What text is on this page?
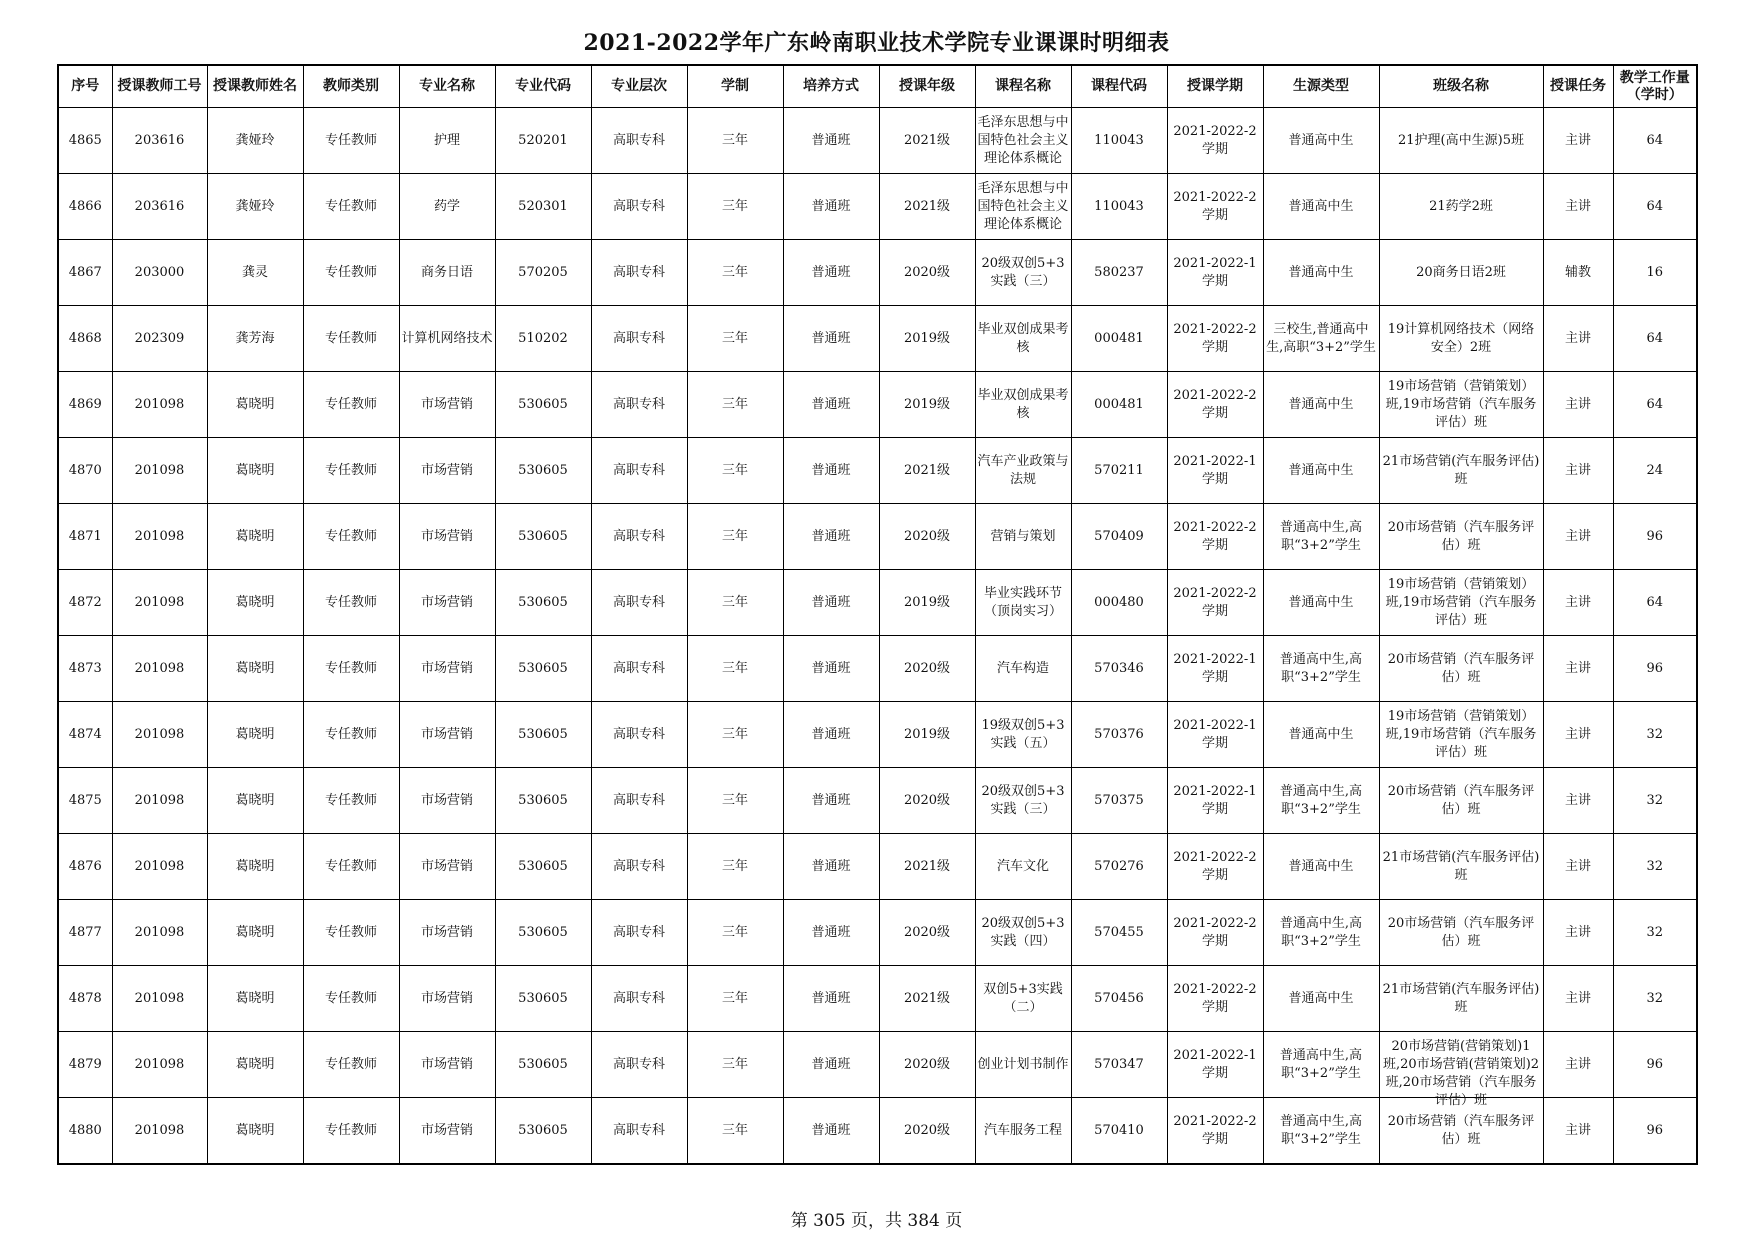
2021-2022学年广东岭南职业技术学院专业课课时明细表
序号	授课教师工号	授课教师姓名	教师类别	专业名称	专业代码	专业层次	学制	培养方式	授课年级	课程名称	课程代码	授课学期	生源类型	班级名称	授课任务	教学工作量（学时）

4865	203616	龚娅玲	专任教师	护理	520201	高职专科	三年	普通班	2021级	毛泽东思想与中国特色社会主义理论体系概论	110043	2021-2022-2学期	普通高中生	21护理(高中生源)5班	主讲	64

4866	203616	龚娅玲	专任教师	药学	520301	高职专科	三年	普通班	2021级	毛泽东思想与中国特色社会主义理论体系概论	110043	2021-2022-2学期	普通高中生	21药学2班	主讲	64

4867	203000	龚灵	专任教师	商务日语	570205	高职专科	三年	普通班	2020级	20级双创5+3实践（三）	580237	2021-2022-1学期	普通高中生	20商务日语2班	辅教	16

4868	202309	龚芳海	专任教师	计算机网络技术	510202	高职专科	三年	普通班	2019级	毕业双创成果考核	000481	2021-2022-2学期	三校生,普通高中生,高职“3+2”学生	19计算机网络技术（网络安全）2班	主讲	64

4869	201098	葛晓明	专任教师	市场营销	530605	高职专科	三年	普通班	2019级	毕业双创成果考核	000481	2021-2022-2学期	普通高中生	19市场营销（营销策划）班,19市场营销（汽车服务评估）班	主讲	64

4870	201098	葛晓明	专任教师	市场营销	530605	高职专科	三年	普通班	2021级	汽车产业政策与法规	570211	2021-2022-1学期	普通高中生	21市场营销(汽车服务评估)班	主讲	24

4871	201098	葛晓明	专任教师	市场营销	530605	高职专科	三年	普通班	2020级	营销与策划	570409	2021-2022-2学期	普通高中生,高职“3+2”学生	20市场营销（汽车服务评估）班	主讲	96

4872	201098	葛晓明	专任教师	市场营销	530605	高职专科	三年	普通班	2019级	毕业实践环节（顶岗实习）	000480	2021-2022-2学期	普通高中生	19市场营销（营销策划）班,19市场营销（汽车服务评估）班	主讲	64

4873	201098	葛晓明	专任教师	市场营销	530605	高职专科	三年	普通班	2020级	汽车构造	570346	2021-2022-1学期	普通高中生,高职“3+2”学生	20市场营销（汽车服务评估）班	主讲	96

4874	201098	葛晓明	专任教师	市场营销	530605	高职专科	三年	普通班	2019级	19级双创5+3实践（五）	570376	2021-2022-1学期	普通高中生	19市场营销（营销策划）班,19市场营销（汽车服务评估）班	主讲	32

4875	201098	葛晓明	专任教师	市场营销	530605	高职专科	三年	普通班	2020级	20级双创5+3实践（三）	570375	2021-2022-1学期	普通高中生,高职“3+2”学生	20市场营销（汽车服务评估）班	主讲	32

4876	201098	葛晓明	专任教师	市场营销	530605	高职专科	三年	普通班	2021级	汽车文化	570276	2021-2022-2学期	普通高中生	21市场营销(汽车服务评估)班	主讲	32

4877	201098	葛晓明	专任教师	市场营销	530605	高职专科	三年	普通班	2020级	20级双创5+3实践（四）	570455	2021-2022-2学期	普通高中生,高职“3+2”学生	20市场营销（汽车服务评估）班	主讲	32

4878	201098	葛晓明	专任教师	市场营销	530605	高职专科	三年	普通班	2021级	双创5+3实践（二）	570456	2021-2022-2学期	普通高中生	21市场营销(汽车服务评估)班	主讲	32

4879	201098	葛晓明	专任教师	市场营销	530605	高职专科	三年	普通班	2020级	创业计划书制作	570347	2021-2022-1学期	普通高中生,高职“3+2”学生	20市场营销(营销策划)1班,20市场营销(营销策划)2班,20市场营销（汽车服务评估）班	主讲	96

4880	201098	葛晓明	专任教师	市场营销	530605	高职专科	三年	普通班	2020级	汽车服务工程	570410	2021-2022-2学期	普通高中生,高职“3+2”学生	20市场营销（汽车服务评估）班	主讲	96
第 305 页，共 384 页
